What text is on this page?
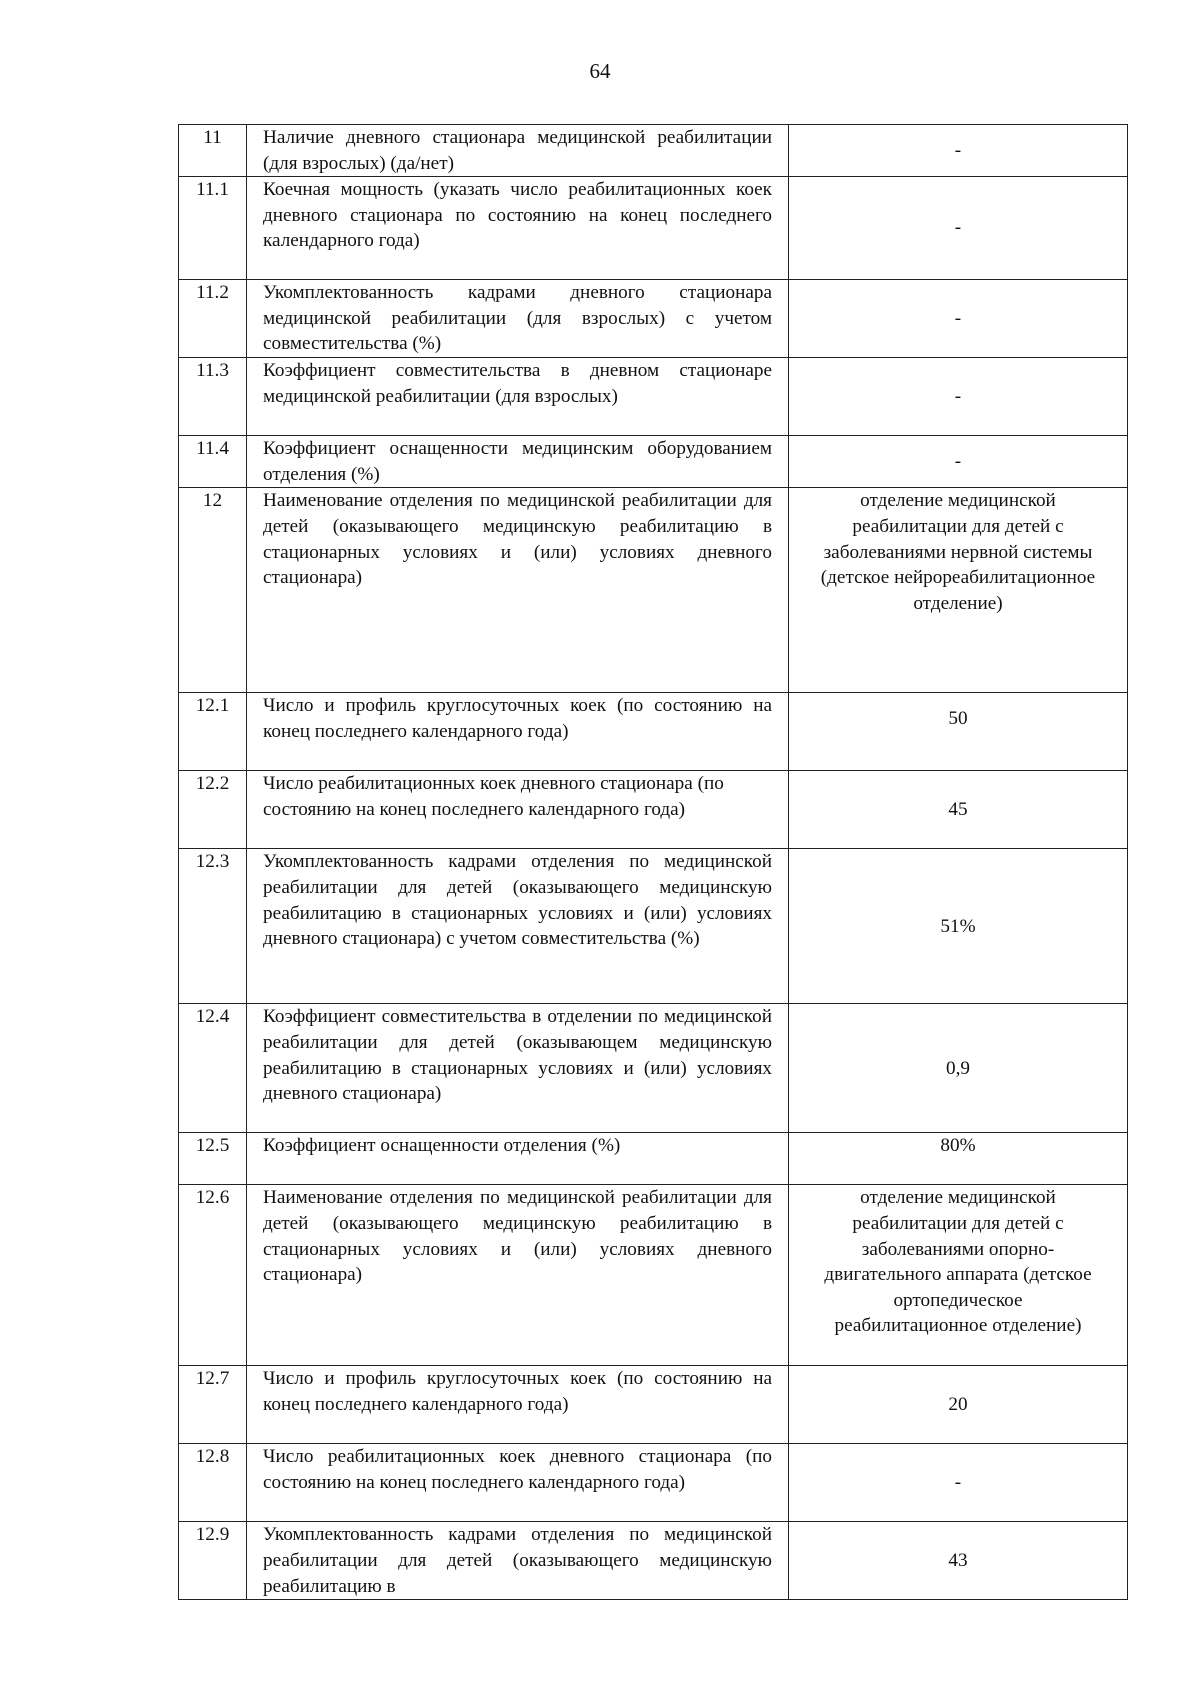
64
11	Наличие дневного стационара медицинской реабилитации (для взрослых) (да/нет)	-
11.1	Коечная мощность (указать число реабилитационных коек дневного стационара по состоянию на конец последнего календарного года)	-
11.2	Укомплектованность кадрами дневного стационара медицинской реабилитации (для взрослых) с учетом совместительства (%)	-
11.3	Коэффициент совместительства в дневном стационаре медицинской реабилитации (для взрослых)	-
11.4	Коэффициент оснащенности медицинским оборудованием отделения (%)	-
12	Наименование отделения по медицинской реабилитации для детей (оказывающего медицинскую реабилитацию в стационарных условиях и (или) условиях дневного стационара)	отделение медицинской реабилитации для детей с заболеваниями нервной системы (детское нейрореабилитационное отделение)
12.1	Число и профиль круглосуточных коек (по состоянию на конец последнего календарного года)	50
12.2	Число реабилитационных коек дневного стационара (по состоянию на конец последнего календарного года)	45
12.3	Укомплектованность кадрами отделения по медицинской реабилитации для детей (оказывающего медицинскую реабилитацию в стационарных условиях и (или) условиях дневного стационара) с учетом совместительства (%)	51%
12.4	Коэффициент совместительства в отделении по медицинской реабилитации для детей (оказывающем медицинскую реабилитацию в стационарных условиях и (или) условиях дневного стационара)	0,9
12.5	Коэффициент оснащенности отделения (%)	80%
12.6	Наименование отделения по медицинской реабилитации для детей (оказывающего медицинскую реабилитацию в стационарных условиях и (или) условиях дневного стационара)	отделение медицинской реабилитации для детей с заболеваниями опорно-двигательного аппарата (детское ортопедическое реабилитационное отделение)
12.7	Число и профиль круглосуточных коек (по состоянию на конец последнего календарного года)	20
12.8	Число реабилитационных коек дневного стационара (по состоянию на конец последнего календарного года)	-
12.9	Укомплектованность кадрами отделения по медицинской реабилитации для детей (оказывающего медицинскую реабилитацию в	43
